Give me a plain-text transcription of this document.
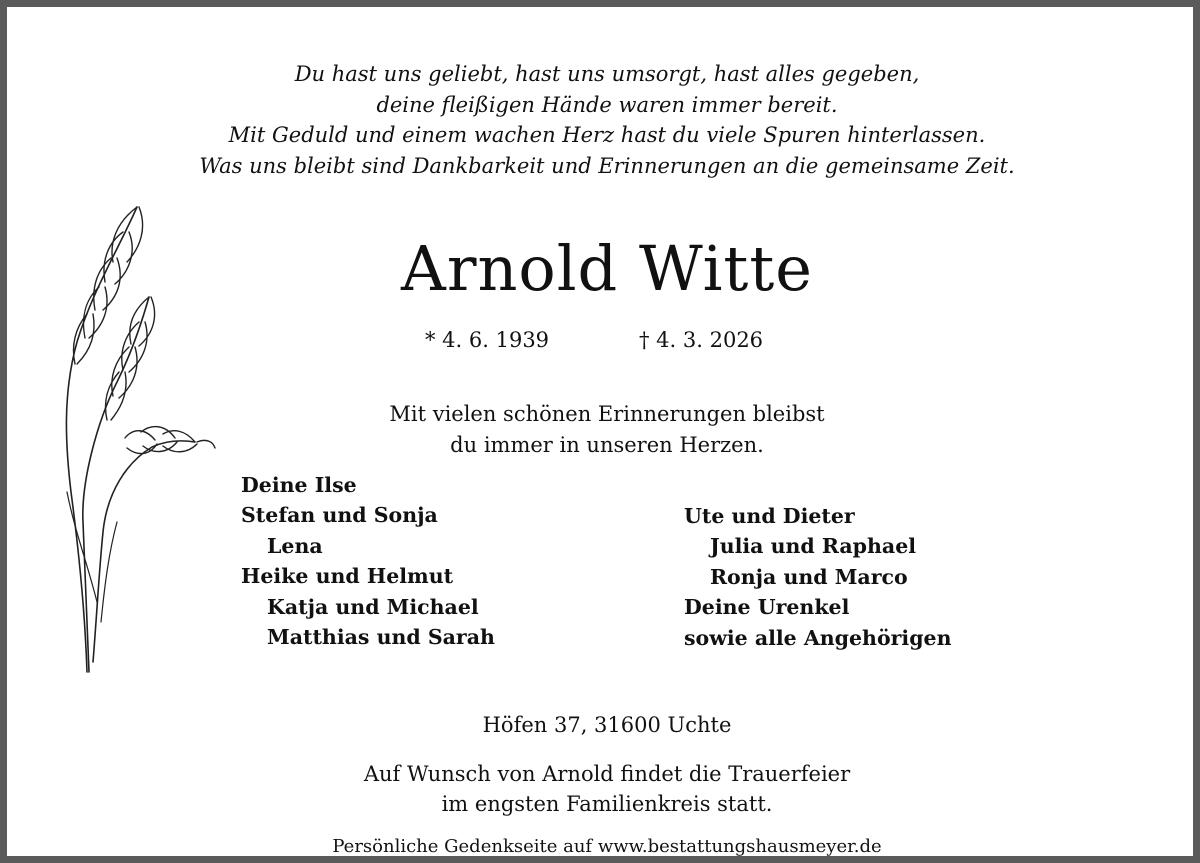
Du hast uns geliebt, hast uns umsorgt, hast alles gegeben,
deine fleißigen Hände waren immer bereit.
Mit Geduld und einem wachen Herz hast du viele Spuren hinterlassen.
Was uns bleibt sind Dankbarkeit und Erinnerungen an die gemeinsame Zeit.
Arnold Witte
* 4. 6. 1939	† 4. 3. 2026
Mit vielen schönen Erinnerungen bleibst
du immer in unseren Herzen.
Deine Ilse
Stefan und Sonja
Lena
Heike und Helmut
Katja und Michael
Matthias und Sarah
Ute und Dieter
Julia und Raphael
Ronja und Marco
Deine Urenkel
sowie alle Angehörigen
Höfen 37, 31600 Uchte
Auf Wunsch von Arnold findet die Trauerfeier
im engsten Familienkreis statt.
Persönliche Gedenkseite auf www.bestattungshausmeyer.de
